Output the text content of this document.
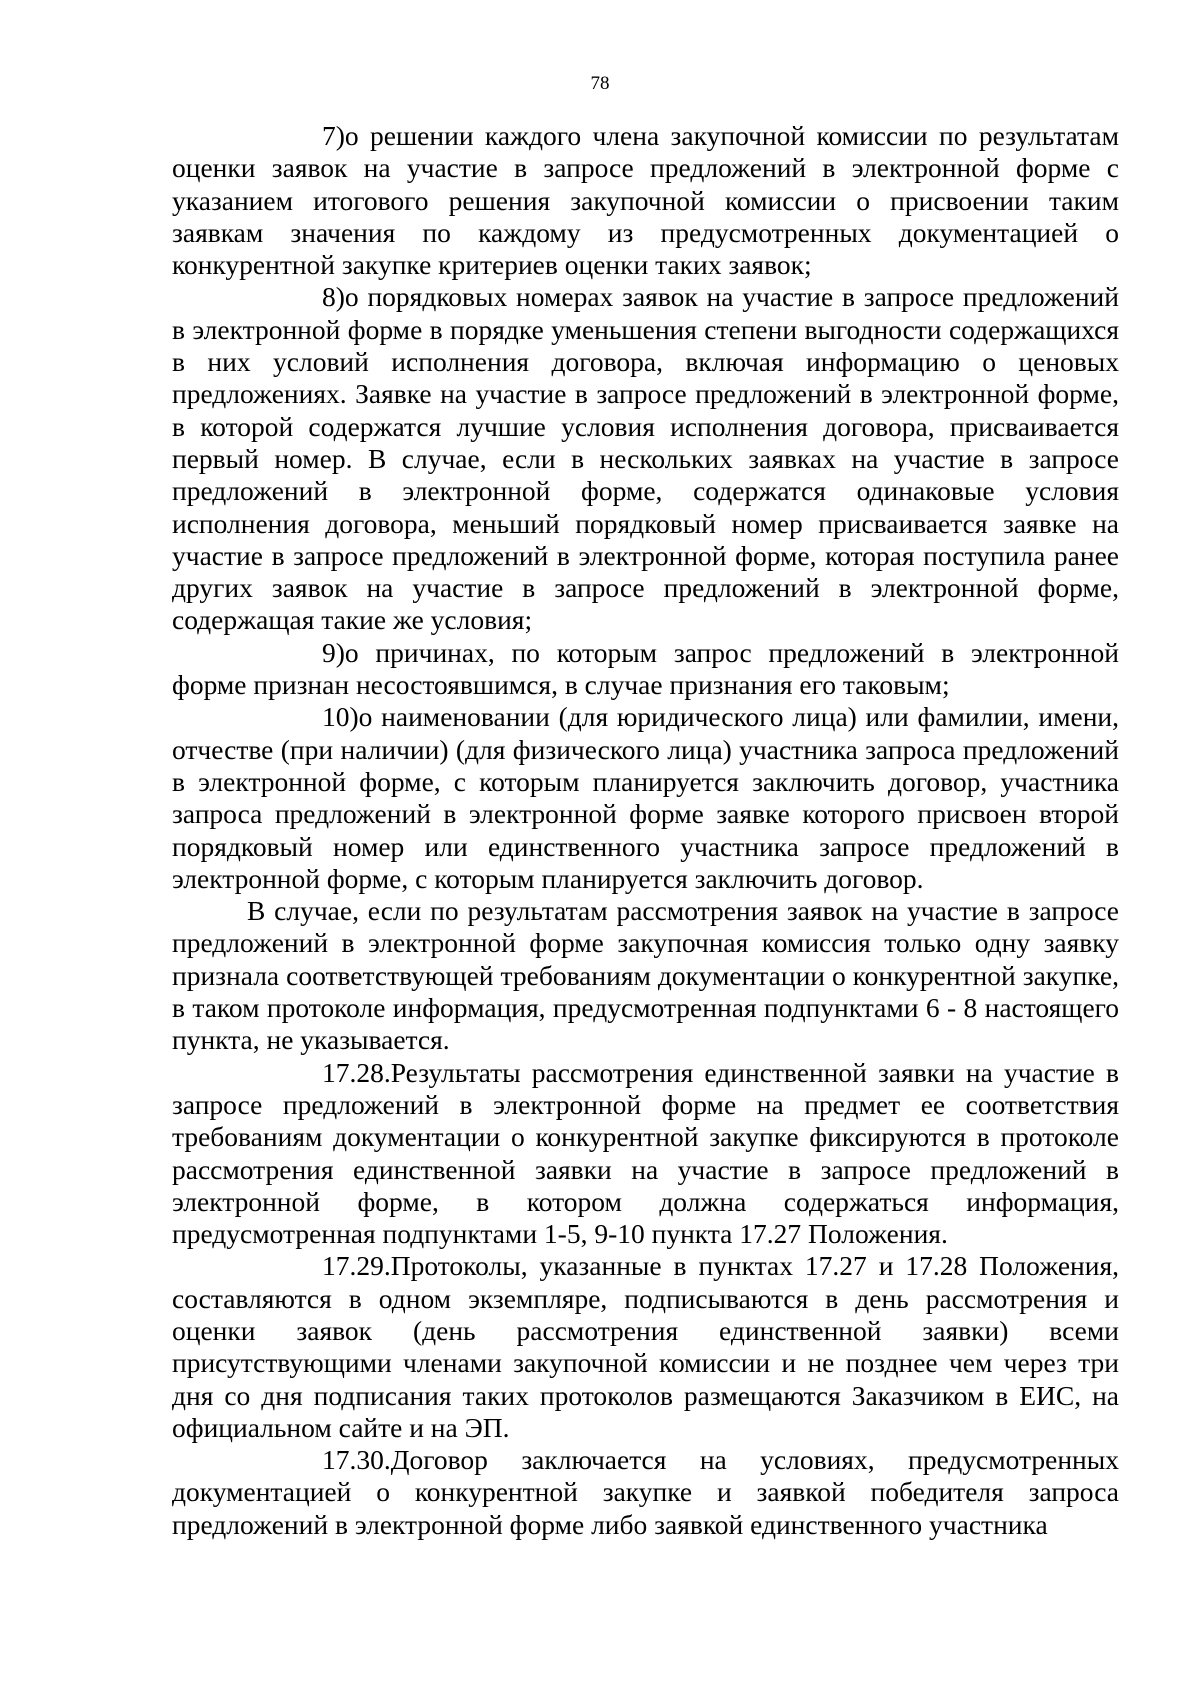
78

7)о решении каждого члена закупочной комиссии по результатам оценки заявок на участие в запросе предложений в электронной форме с указанием итогового решения закупочной комиссии о присвоении таким заявкам значения по каждому из предусмотренных документацией о конкурентной закупке критериев оценки таких заявок;

8)о порядковых номерах заявок на участие в запросе предложений в электронной форме в порядке уменьшения степени выгодности содержащихся в них условий исполнения договора, включая информацию о ценовых предложениях. Заявке на участие в запросе предложений в электронной форме, в которой содержатся лучшие условия исполнения договора, присваивается первый номер. В случае, если в нескольких заявках на участие в запросе предложений в электронной форме, содержатся одинаковые условия исполнения договора, меньший порядковый номер присваивается заявке на участие в запросе предложений в электронной форме, которая поступила ранее других заявок на участие в запросе предложений в электронной форме, содержащая такие же условия;

9)о причинах, по которым запрос предложений в электронной форме признан несостоявшимся, в случае признания его таковым;

10)о наименовании (для юридического лица) или фамилии, имени, отчестве (при наличии) (для физического лица) участника запроса предложений в электронной форме, с которым планируется заключить договор, участника запроса предложений в электронной форме заявке которого присвоен второй порядковый номер или единственного участника запросе предложений в электронной форме, с которым планируется заключить договор.

В случае, если по результатам рассмотрения заявок на участие в запросе предложений в электронной форме закупочная комиссия только одну заявку признала соответствующей требованиям документации о конкурентной закупке, в таком протоколе информация, предусмотренная подпунктами 6 - 8 настоящего пункта, не указывается.

17.28.Результаты рассмотрения единственной заявки на участие в запросе предложений в электронной форме на предмет ее соответствия требованиям документации о конкурентной закупке фиксируются в протоколе рассмотрения единственной заявки на участие в запросе предложений в электронной форме, в котором должна содержаться информация, предусмотренная подпунктами 1-5, 9-10 пункта 17.27 Положения.

17.29.Протоколы, указанные в пунктах 17.27 и 17.28 Положения, составляются в одном экземпляре, подписываются в день рассмотрения и оценки заявок (день рассмотрения единственной заявки) всеми присутствующими членами закупочной комиссии и не позднее чем через три дня со дня подписания таких протоколов размещаются Заказчиком в ЕИС, на официальном сайте и на ЭП.

17.30.Договор заключается на условиях, предусмотренных документацией о конкурентной закупке и заявкой победителя запроса предложений в электронной форме либо заявкой единственного участника
